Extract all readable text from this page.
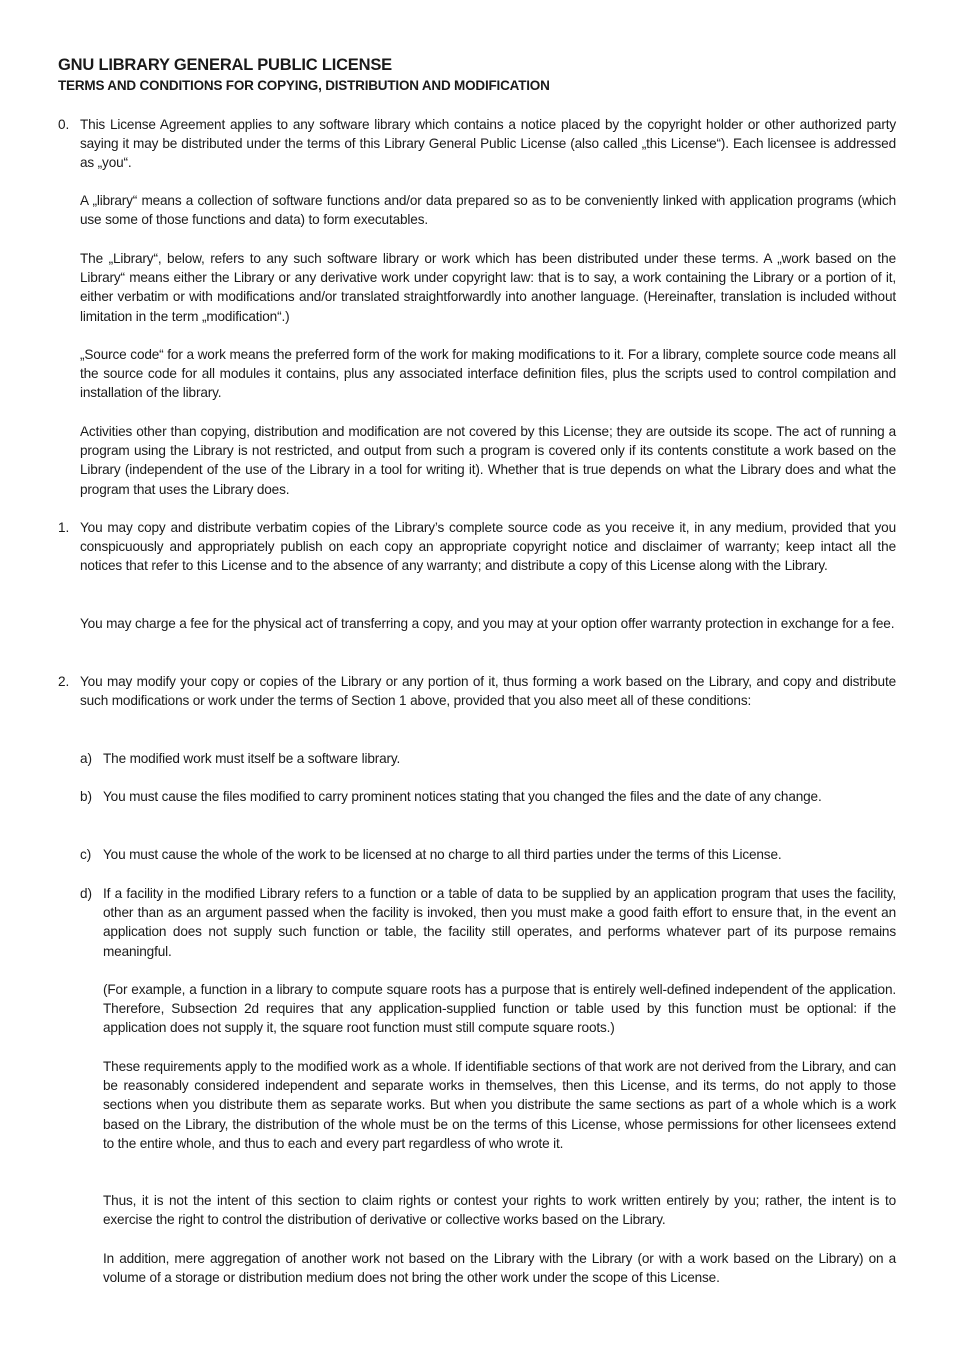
GNU LIBRARY GENERAL PUBLIC LICENSE
TERMS AND CONDITIONS FOR COPYING, DISTRIBUTION AND MODIFICATION
0. This License Agreement applies to any software library which contains a notice placed by the copyright holder or other authorized party saying it may be distributed under the terms of this Library General Public License (also called „this License“). Each licensee is addressed as „you“.

A „library“ means a collection of software functions and/or data prepared so as to be conveniently linked with application programs (which use some of those functions and data) to form executables.

The „Library“, below, refers to any such software library or work which has been distributed under these terms. A „work based on the Library“ means either the Library or any derivative work under copyright law: that is to say, a work containing the Library or a portion of it, either verbatim or with modifications and/or translated straightforwardly into another language. (Hereinafter, translation is included without limitation in the term „modification“.)

„Source code“ for a work means the preferred form of the work for making modifications to it. For a library, complete source code means all the source code for all modules it contains, plus any associated interface definition files, plus the scripts used to control compilation and installation of the library.

Activities other than copying, distribution and modification are not covered by this License; they are outside its scope. The act of running a program using the Library is not restricted, and output from such a program is covered only if its contents constitute a work based on the Library (independent of the use of the Library in a tool for writing it). Whether that is true depends on what the Library does and what the program that uses the Library does.

1. You may copy and distribute verbatim copies of the Library’s complete source code as you receive it, in any medium, provided that you conspicuously and appropriately publish on each copy an appropriate copyright notice and disclaimer of warranty; keep intact all the notices that refer to this License and to the absence of any warranty; and distribute a copy of this License along with the Library.

You may charge a fee for the physical act of transferring a copy, and you may at your option offer warranty protection in exchange for a fee.

2. You may modify your copy or copies of the Library or any portion of it, thus forming a work based on the Library, and copy and distribute such modifications or work under the terms of Section 1 above, provided that you also meet all of these conditions:

a) The modified work must itself be a software library.

b) You must cause the files modified to carry prominent notices stating that you changed the files and the date of any change.

c) You must cause the whole of the work to be licensed at no charge to all third parties under the terms of this License.

d) If a facility in the modified Library refers to a function or a table of data to be supplied by an application program that uses the facility, other than as an argument passed when the facility is invoked, then you must make a good faith effort to ensure that, in the event an application does not supply such function or table, the facility still operates, and performs whatever part of its purpose remains meaningful.

(For example, a function in a library to compute square roots has a purpose that is entirely well-defined independent of the application. Therefore, Subsection 2d requires that any application-supplied function or table used by this function must be optional: if the application does not supply it, the square root function must still compute square roots.)

These requirements apply to the modified work as a whole. If identifiable sections of that work are not derived from the Library, and can be reasonably considered independent and separate works in themselves, then this License, and its terms, do not apply to those sections when you distribute them as separate works. But when you distribute the same sections as part of a whole which is a work based on the Library, the distribution of the whole must be on the terms of this License, whose permissions for other licensees extend to the entire whole, and thus to each and every part regardless of who wrote it.

Thus, it is not the intent of this section to claim rights or contest your rights to work written entirely by you; rather, the intent is to exercise the right to control the distribution of derivative or collective works based on the Library.

In addition, mere aggregation of another work not based on the Library with the Library (or with a work based on the Library) on a volume of a storage or distribution medium does not bring the other work under the scope of this License.
